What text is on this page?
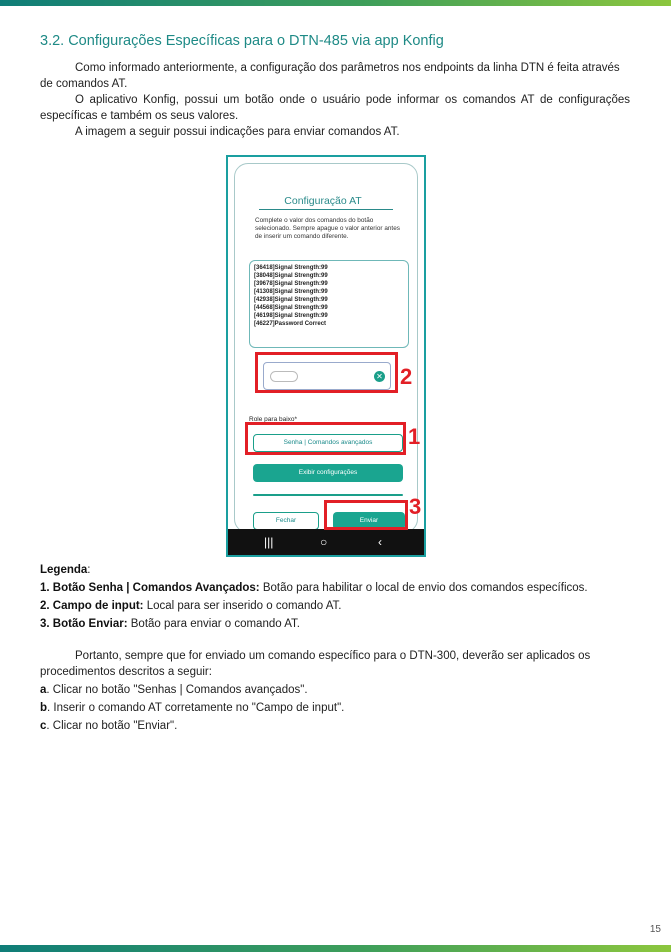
3.2. Configurações Específicas para o DTN-485 via app Konfig

Como informado anteriormente, a configuração dos parâmetros nos endpoints da linha DTN é feita através de comandos AT.

O aplicativo Konfig, possui um botão onde o usuário pode informar os comandos AT de configurações específicas e também os seus valores.

A imagem a seguir possui indicações para enviar comandos AT.

Configuração AT
Complete o valor dos comandos do botão selecionado. Sempre apague o valor anterior antes de inserir um comando diferente.
[36418]Signal Strength:99
[38048]Signal Strength:99
[39678]Signal Strength:99
[41308]Signal Strength:99
[42938]Signal Strength:99
[44568]Signal Strength:99
[46198]Signal Strength:99
[46227]Password Correct
✕
Role para baixo*
Senha | Comandos avançados
Exibir configurações
Fechar	Enviar
|||	○	‹
2
1
3
Legenda:
1. Botão Senha | Comandos Avançados: Botão para habilitar o local de envio dos comandos específicos.
2. Campo de input: Local para ser inserido o comando AT.
3. Botão Enviar: Botão para enviar o comando AT.

Portanto, sempre que for enviado um comando específico para o DTN-300, deverão ser aplicados os procedimentos descritos a seguir:

a. Clicar no botão "Senhas | Comandos avançados".
b. Inserir o comando AT corretamente no "Campo de input".
c. Clicar no botão "Enviar".
15
